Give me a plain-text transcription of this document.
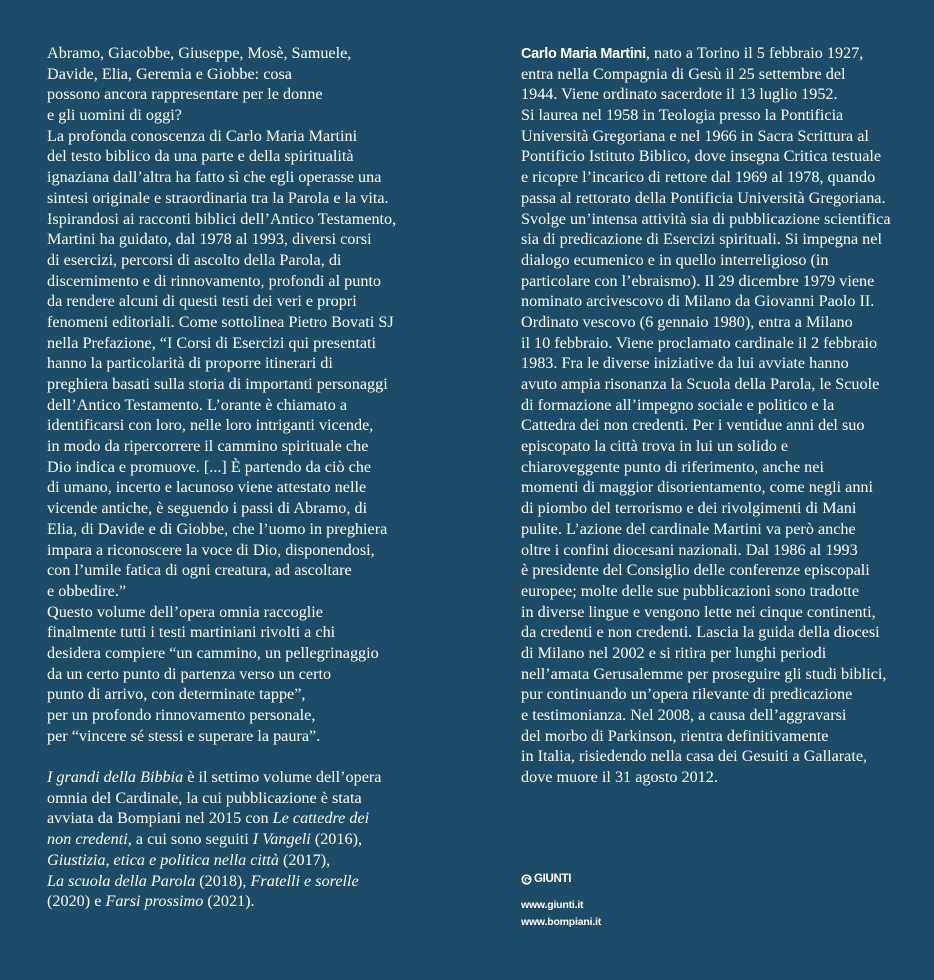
Abramo, Giacobbe, Giuseppe, Mosè, Samuele,
Davide, Elia, Geremia e Giobbe: cosa
possono ancora rappresentare per le donne
e gli uomini di oggi?
La profonda conoscenza di Carlo Maria Martini
del testo biblico da una parte e della spiritualità
ignaziana dall’altra ha fatto sì che egli operasse una
sintesi originale e straordinaria tra la Parola e la vita.
Ispirandosi ai racconti biblici dell’Antico Testamento,
Martini ha guidato, dal 1978 al 1993, diversi corsi
di esercizi, percorsi di ascolto della Parola, di
discernimento e di rinnovamento, profondi al punto
da rendere alcuni di questi testi dei veri e propri
fenomeni editoriali. Come sottolinea Pietro Bovati SJ
nella Prefazione, “I Corsi di Esercizi qui presentati
hanno la particolarità di proporre itinerari di
preghiera basati sulla storia di importanti personaggi
dell’Antico Testamento. L’orante è chiamato a
identificarsi con loro, nelle loro intriganti vicende,
in modo da ripercorrere il cammino spirituale che
Dio indica e promuove. [...] È partendo da ciò che
di umano, incerto e lacunoso viene attestato nelle
vicende antiche, è seguendo i passi di Abramo, di
Elia, di Davide e di Giobbe, che l’uomo in preghiera
impara a riconoscere la voce di Dio, disponendosi,
con l’umile fatica di ogni creatura, ad ascoltare
e obbedire.”
Questo volume dell’opera omnia raccoglie
finalmente tutti i testi martiniani rivolti a chi
desidera compiere “un cammino, un pellegrinaggio
da un certo punto di partenza verso un certo
punto di arrivo, con determinate tappe”,
per un profondo rinnovamento personale,
per “vincere sé stessi e superare la paura”.
I grandi della Bibbia è il settimo volume dell’opera
omnia del Cardinale, la cui pubblicazione è stata
avviata da Bompiani nel 2015 con Le cattedre dei
non credenti, a cui sono seguiti I Vangeli (2016),
Giustizia, etica e politica nella città (2017),
La scuola della Parola (2018), Fratelli e sorelle
(2020) e Farsi prossimo (2021).
Carlo Maria Martini, nato a Torino il 5 febbraio 1927,
entra nella Compagnia di Gesù il 25 settembre del
1944. Viene ordinato sacerdote il 13 luglio 1952.
Si laurea nel 1958 in Teologia presso la Pontificia
Università Gregoriana e nel 1966 in Sacra Scrittura al
Pontificio Istituto Biblico, dove insegna Critica testuale
e ricopre l’incarico di rettore dal 1969 al 1978, quando
passa al rettorato della Pontificia Università Gregoriana.
Svolge un’intensa attività sia di pubblicazione scientifica
sia di predicazione di Esercizi spirituali. Si impegna nel
dialogo ecumenico e in quello interreligioso (in
particolare con l’ebraismo). Il 29 dicembre 1979 viene
nominato arcivescovo di Milano da Giovanni Paolo II.
Ordinato vescovo (6 gennaio 1980), entra a Milano
il 10 febbraio. Viene proclamato cardinale il 2 febbraio
1983. Fra le diverse iniziative da lui avviate hanno
avuto ampia risonanza la Scuola della Parola, le Scuole
di formazione all’impegno sociale e politico e la
Cattedra dei non credenti. Per i ventidue anni del suo
episcopato la città trova in lui un solido e
chiaroveggente punto di riferimento, anche nei
momenti di maggior disorientamento, come negli anni
di piombo del terrorismo e dei rivolgimenti di Mani
pulite. L’azione del cardinale Martini va però anche
oltre i confini diocesani nazionali. Dal 1986 al 1993
è presidente del Consiglio delle conferenze episcopali
europee; molte delle sue pubblicazioni sono tradotte
in diverse lingue e vengono lette nei cinque continenti,
da credenti e non credenti. Lascia la guida della diocesi
di Milano nel 2002 e si ritira per lunghi periodi
nell’amata Gerusalemme per proseguire gli studi biblici,
pur continuando un’opera rilevante di predicazione
e testimonianza. Nel 2008, a causa dell’aggravarsi
del morbo di Parkinson, rientra definitivamente
in Italia, risiedendo nella casa dei Gesuiti a Gallarate,
dove muore il 31 agosto 2012.
GIUNTI
www.giunti.it
www.bompiani.it
